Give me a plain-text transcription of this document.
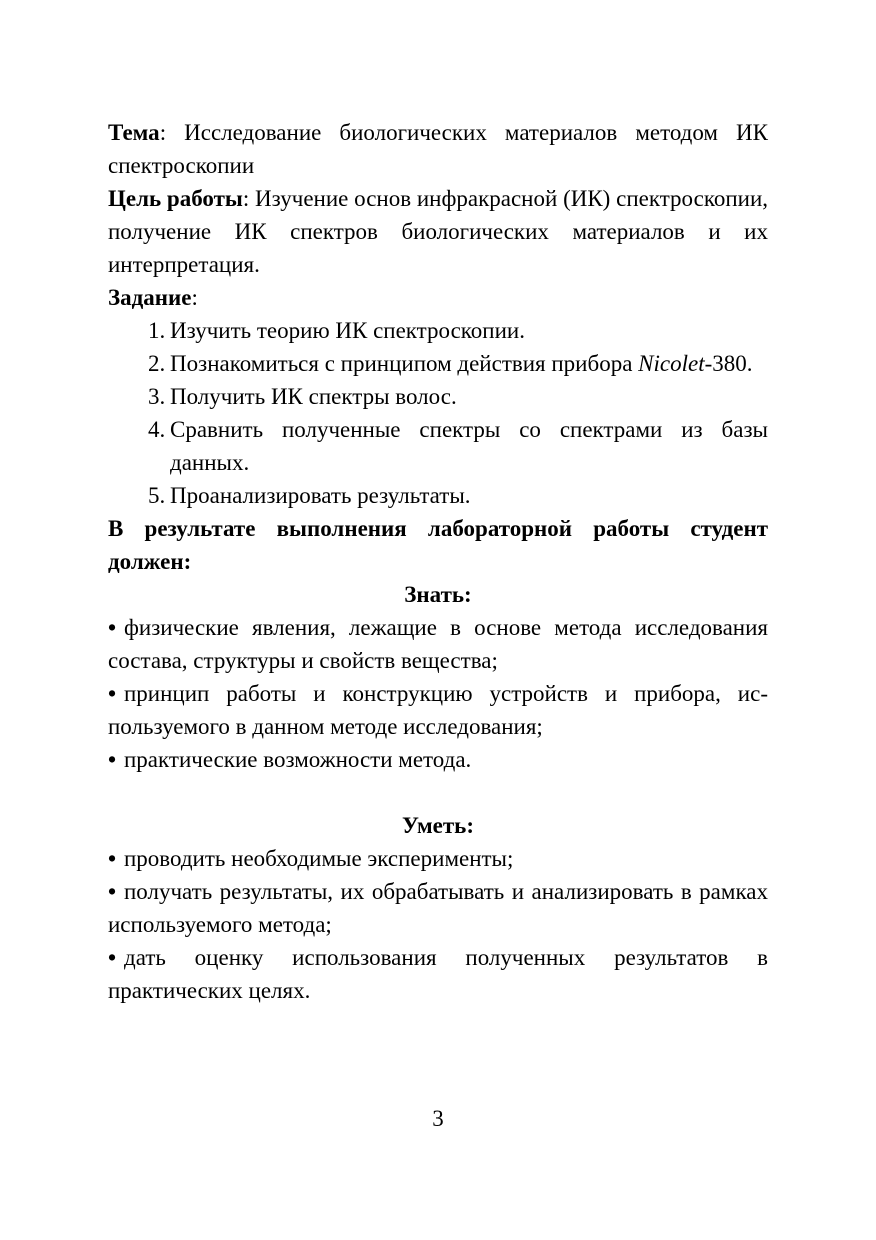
Тема: Исследование биологических материалов методом ИК спектроскопии

Цель работы: Изучение основ инфракрасной (ИК) спектроскопии, получение ИК спектров биологических материалов и их интерпретация.

Задание:

1. Изучить теорию ИК спектроскопии.
2. Познакомиться с принципом действия прибора Nicolet-380.
3. Получить ИК спектры волос.
4. Сравнить полученные спектры со спектрами из базы данных.
5. Проанализировать результаты.

В результате выполнения лабораторной работы студент должен:

Знать:

• физические явления, лежащие в основе метода исследования состава, структуры и свойств вещества;
• принцип работы и конструкцию устройств и прибора, используемого в данном методе исследования;
• практические возможности метода.

Уметь:

• проводить необходимые эксперименты;
• получать результаты, их обрабатывать и анализировать в рамках используемого метода;
• дать оценку использования полученных результатов в практических целях.
3
